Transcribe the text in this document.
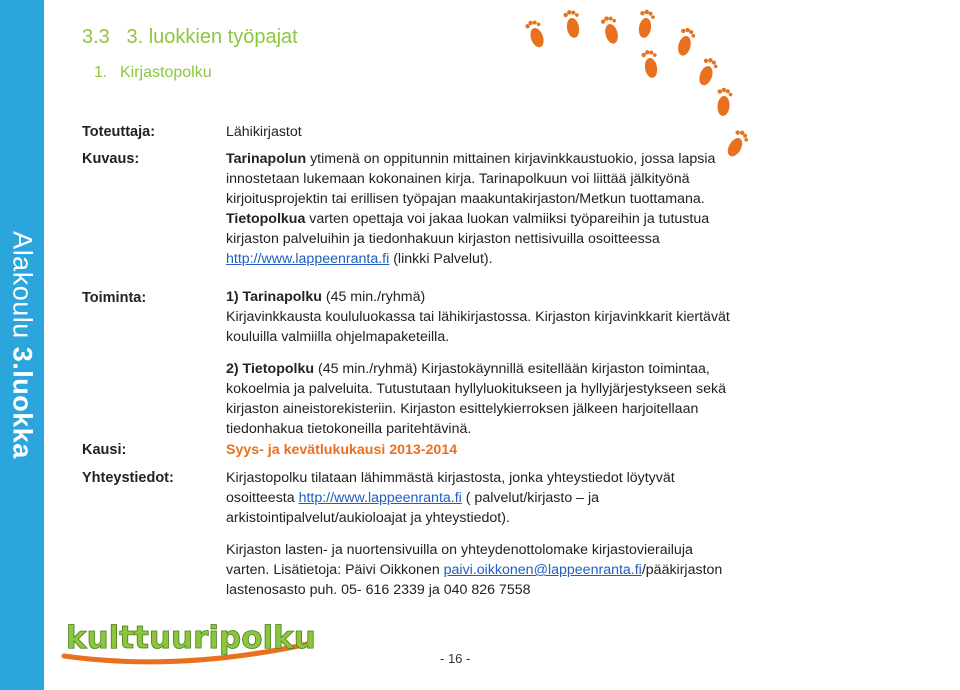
Alakoulu 3.luokka
3.3   3. luokkien työpajat
1. Kirjastopolku
Toteuttaja:	Lähikirjastot
Kuvaus:	Tarinapolun ytimenä on oppitunnin mittainen kirjavinkkaustuokio, jossa lapsia innostetaan lukemaan kokonainen kirja. Tarinapolkuun voi liittää jälkityönä kirjoitusprojektin tai erillisen työpajan maakuntakirjaston/Metkun tuottamana.

Tietopolkua varten opettaja voi jakaa luokan valmiiksi työpareihin ja tutustua kirjaston palveluihin ja tiedonhakuun kirjaston nettisivuilla osoitteessa http://www.lappeenranta.fi (linkki Palvelut).

Toiminta:	1) Tarinapolku (45 min./ryhmä)

Kirjavinkkausta koululuokassa tai lähikirjastossa. Kirjaston kirjavinkkarit kiertävät kouluilla valmiilla ohjelmapaketeilla.

2) Tietopolku (45 min./ryhmä) Kirjastokäynnillä esitellään kirjaston toimintaa, kokoelmia ja palveluita. Tutustutaan hyllyluokitukseen ja hyllyjärjestykseen sekä kirjaston aineistorekisteriin. Kirjaston esittelykierroksen jälkeen harjoitellaan tiedonhakua tietokoneilla paritehtävinä.

Kausi:	Syys- ja kevätlukukausi 2013-2014
Yhteystiedot:	Kirjastopolku tilataan lähimmästä kirjastosta, jonka yhteystiedot löytyvät osoitteesta http://www.lappeenranta.fi ( palvelut/kirjasto – ja arkistointipalvelut/aukioloajat ja yhteystiedot).

Kirjaston lasten- ja nuortensivuilla on yhteydenottolomake kirjastovierailuja varten. Lisätietoja: Päivi Oikkonen paivi.oikkonen@lappeenranta.fi/pääkirjaston lastenosasto puh. 05- 616 2339 ja 040 826 7558

kulttuuripolku
- 16 -
